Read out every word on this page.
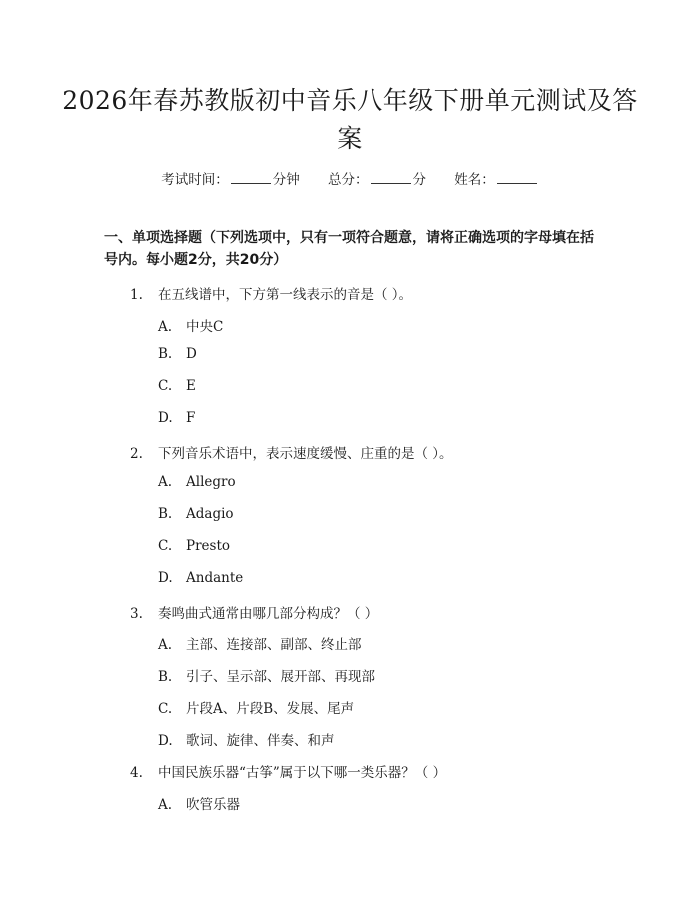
2026年春苏教版初中音乐八年级下册单元测试及答案
考试时间：	分钟 总分：	分 姓名：
一、单项选择题（下列选项中，只有一项符合题意，请将正确选项的字母填在括号内。每小题2分，共20分）
1. 在五线谱中，下方第一线表示的音是（ ）。
A. 中央C
B. D
C. E
D. F
2. 下列音乐术语中，表示速度缓慢、庄重的是（ ）。
A. Allegro
B. Adagio
C. Presto
D. Andante
3. 奏鸣曲式通常由哪几部分构成？（ ）
A. 主部、连接部、副部、终止部
B. 引子、呈示部、展开部、再现部
C. 片段A、片段B、发展、尾声
D. 歌词、旋律、伴奏、和声
4. 中国民族乐器“古筝”属于以下哪一类乐器？（ ）
A. 吹管乐器
